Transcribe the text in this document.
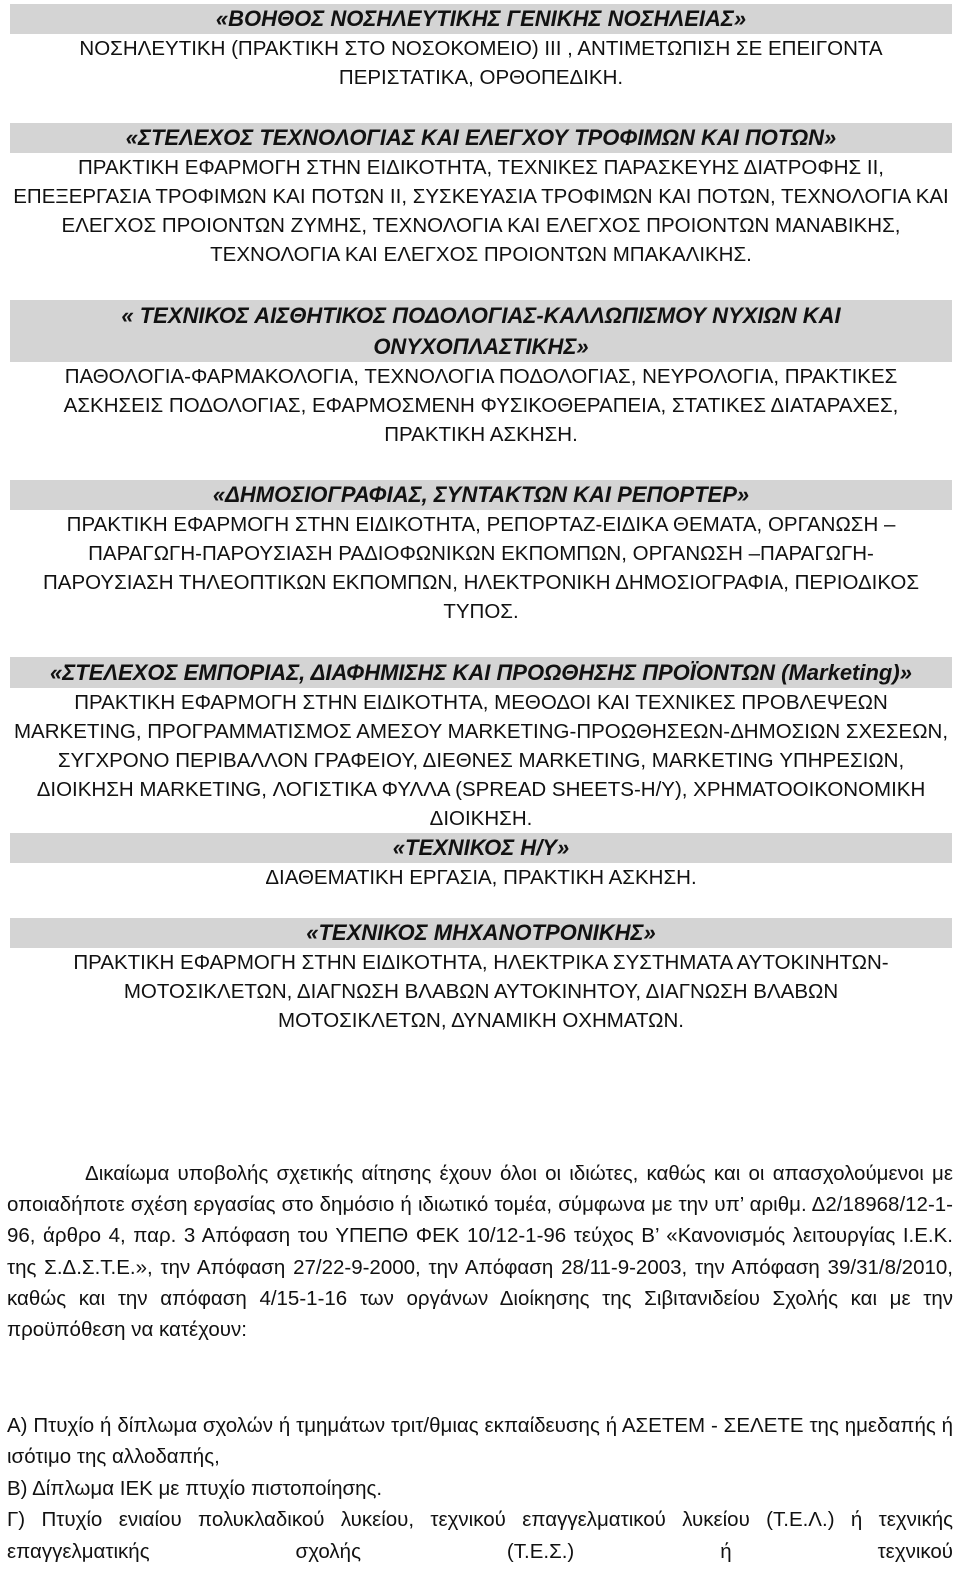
«ΒΟΗΘΟΣ ΝΟΣΗΛΕΥΤΙΚΗΣ ΓΕΝΙΚΗΣ ΝΟΣΗΛΕΙΑΣ»

ΝΟΣΗΛΕΥΤΙΚΗ (ΠΡΑΚΤΙΚΗ ΣΤΟ ΝΟΣΟΚΟΜΕΙΟ) ΙΙΙ , ΑΝΤΙΜΕΤΩΠΙΣΗ ΣΕ ΕΠΕΙΓΟΝΤΑ ΠΕΡΙΣΤΑΤΙΚΑ, ΟΡΘΟΠΕΔΙΚΗ.

«ΣΤΕΛΕΧΟΣ ΤΕΧΝΟΛΟΓΙΑΣ ΚΑΙ ΕΛΕΓΧΟΥ ΤΡΟΦΙΜΩΝ ΚΑΙ ΠΟΤΩΝ»

ΠΡΑΚΤΙΚΗ ΕΦΑΡΜΟΓΗ ΣΤΗΝ ΕΙΔΙΚΟΤΗΤΑ, ΤΕΧΝΙΚΕΣ ΠΑΡΑΣΚΕΥΗΣ ΔΙΑΤΡΟΦΗΣ ΙΙ, ΕΠΕΞΕΡΓΑΣΙΑ ΤΡΟΦΙΜΩΝ ΚΑΙ ΠΟΤΩΝ ΙΙ, ΣΥΣΚΕΥΑΣΙΑ ΤΡΟΦΙΜΩΝ ΚΑΙ ΠΟΤΩΝ, ΤΕΧΝΟΛΟΓΙΑ ΚΑΙ ΕΛΕΓΧΟΣ ΠΡΟΙΟΝΤΩΝ ΖΥΜΗΣ, ΤΕΧΝΟΛΟΓΙΑ ΚΑΙ ΕΛΕΓΧΟΣ ΠΡΟΙΟΝΤΩΝ ΜΑΝΑΒΙΚΗΣ, ΤΕΧΝΟΛΟΓΙΑ ΚΑΙ ΕΛΕΓΧΟΣ ΠΡΟΙΟΝΤΩΝ ΜΠΑΚΑΛΙΚΗΣ.

« ΤΕΧΝΙΚΟΣ ΑΙΣΘΗΤΙΚΟΣ ΠΟΔΟΛΟΓΙΑΣ-ΚΑΛΛΩΠΙΣΜΟΥ ΝΥΧΙΩΝ ΚΑΙ ΟΝΥΧΟΠΛΑΣΤΙΚΗΣ»

ΠΑΘΟΛΟΓΙΑ-ΦΑΡΜΑΚΟΛΟΓΙΑ, ΤΕΧΝΟΛΟΓΙΑ ΠΟΔΟΛΟΓΙΑΣ, ΝΕΥΡΟΛΟΓΙΑ, ΠΡΑΚΤΙΚΕΣ ΑΣΚΗΣΕΙΣ ΠΟΔΟΛΟΓΙΑΣ, ΕΦΑΡΜΟΣΜΕΝΗ ΦΥΣΙΚΟΘΕΡΑΠΕΙΑ, ΣΤΑΤΙΚΕΣ ΔΙΑΤΑΡΑΧΕΣ, ΠΡΑΚΤΙΚΗ ΑΣΚΗΣΗ.

«ΔΗΜΟΣΙΟΓΡΑΦΙΑΣ, ΣΥΝΤΑΚΤΩΝ ΚΑΙ ΡΕΠΟΡΤΕΡ»

ΠΡΑΚΤΙΚΗ ΕΦΑΡΜΟΓΗ ΣΤΗΝ ΕΙΔΙΚΟΤΗΤΑ, ΡΕΠΟΡΤΑΖ-ΕΙΔΙΚΑ ΘΕΜΑΤΑ, ΟΡΓΑΝΩΣΗ –ΠΑΡΑΓΩΓΗ-ΠΑΡΟΥΣΙΑΣΗ ΡΑΔΙΟΦΩΝΙΚΩΝ ΕΚΠΟΜΠΩΝ, ΟΡΓΑΝΩΣΗ –ΠΑΡΑΓΩΓΗ-ΠΑΡΟΥΣΙΑΣΗ ΤΗΛΕΟΠΤΙΚΩΝ ΕΚΠΟΜΠΩΝ, ΗΛΕΚΤΡΟΝΙΚΗ ΔΗΜΟΣΙΟΓΡΑΦΙΑ, ΠΕΡΙΟΔΙΚΟΣ ΤΥΠΟΣ.

«ΣΤΕΛΕΧΟΣ ΕΜΠΟΡΙΑΣ, ΔΙΑΦΗΜΙΣΗΣ ΚΑΙ ΠΡΟΩΘΗΣΗΣ ΠΡΟΪΟΝΤΩΝ (Marketing)»

ΠΡΑΚΤΙΚΗ ΕΦΑΡΜΟΓΗ ΣΤΗΝ ΕΙΔΙΚΟΤΗΤΑ, ΜΕΘΟΔΟΙ ΚΑΙ ΤΕΧΝΙΚΕΣ ΠΡΟΒΛΕΨΕΩΝ MARKETING, ΠΡΟΓΡΑΜΜΑΤΙΣΜΟΣ ΑΜΕΣΟΥ MARKETING-ΠΡΟΩΘΗΣΕΩΝ-ΔΗΜΟΣΙΩΝ ΣΧΕΣΕΩΝ, ΣΥΓΧΡΟΝΟ ΠΕΡΙΒΑΛΛΟΝ ΓΡΑΦΕΙΟΥ, ΔΙΕΘΝΕΣ MARKETING, MARKETING ΥΠΗΡΕΣΙΩΝ, ΔΙΟΙΚΗΣΗ MARKETING, ΛΟΓΙΣΤΙΚΑ ΦΥΛΛΑ (SPREAD SHEETS-Η/Υ), ΧΡΗΜΑΤΟΟΙΚΟΝΟΜΙΚΗ ΔΙΟΙΚΗΣΗ.

«ΤΕΧΝΙΚΟΣ Η/Υ»

ΔΙΑΘΕΜΑΤΙΚΗ ΕΡΓΑΣΙΑ, ΠΡΑΚΤΙΚΗ ΑΣΚΗΣΗ.

«ΤΕΧΝΙΚΟΣ ΜΗΧΑΝΟΤΡΟΝΙΚΗΣ»

ΠΡΑΚΤΙΚΗ ΕΦΑΡΜΟΓΗ ΣΤΗΝ ΕΙΔΙΚΟΤΗΤΑ, ΗΛΕΚΤΡΙΚΑ ΣΥΣΤΗΜΑΤΑ ΑΥΤΟΚΙΝΗΤΩΝ-ΜΟΤΟΣΙΚΛΕΤΩΝ, ΔΙΑΓΝΩΣΗ ΒΛΑΒΩΝ ΑΥΤΟΚΙΝΗΤΟΥ, ΔΙΑΓΝΩΣΗ ΒΛΑΒΩΝ ΜΟΤΟΣΙΚΛΕΤΩΝ, ΔΥΝΑΜΙΚΗ ΟΧΗΜΑΤΩΝ.

Δικαίωμα υποβολής σχετικής αίτησης έχουν όλοι οι ιδιώτες, καθώς και οι απασχολούμενοι με οποιαδήποτε σχέση εργασίας στο δημόσιο ή ιδιωτικό τομέα, σύμφωνα με την υπ’ αριθμ. Δ2/18968/12-1-96, άρθρο 4, παρ. 3 Απόφαση του ΥΠΕΠΘ ΦΕΚ 10/12-1-96 τεύχος Β’ «Κανονισμός λειτουργίας Ι.Ε.Κ. της Σ.Δ.Σ.Τ.Ε.», την Απόφαση 27/22-9-2000, την Απόφαση 28/11-9-2003, την Απόφαση 39/31/8/2010, καθώς και την απόφαση 4/15-1-16 των οργάνων Διοίκησης της Σιβιτανιδείου Σχολής και με την προϋπόθεση να κατέχουν:

Α) Πτυχίο ή δίπλωμα σχολών ή τμημάτων τριτ/θμιας εκπαίδευσης ή ΑΣΕΤΕΜ - ΣΕΛΕΤΕ της ημεδαπής ή ισότιμο της αλλοδαπής,

Β) Δίπλωμα ΙΕΚ με πτυχίο πιστοποίησης.

Γ) Πτυχίο ενιαίου πολυκλαδικού λυκείου, τεχνικού επαγγελματικού λυκείου (Τ.Ε.Λ.) ή τεχνικής επαγγελματικής σχολής (Τ.Ε.Σ.) ή τεχνικού
